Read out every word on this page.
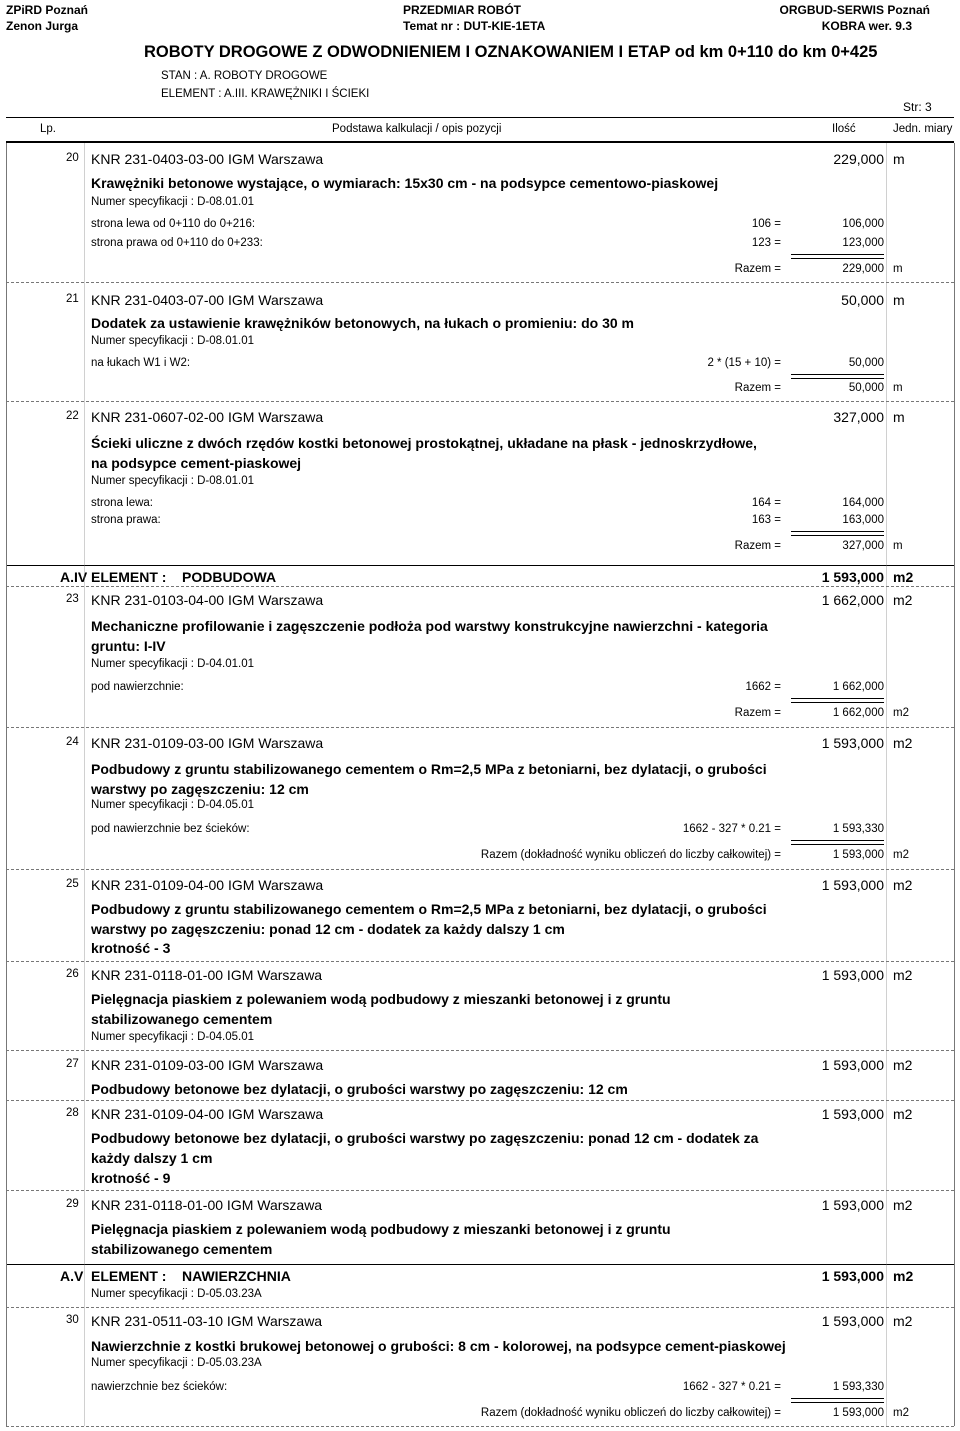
ZPiRD Poznań
Zenon Jurga
PRZEDMIAR ROBÓT
Temat nr : DUT-KIE-1ETA
ORGBUD-SERWIS Poznań
KOBRA wer. 9.3
ROBOTY DROGOWE Z ODWODNIENIEM I OZNAKOWANIEM I ETAP od km 0+110 do km 0+425
STAN : A. ROBOTY DROGOWE
ELEMENT : A.III. KRAWĘŻNIKI I ŚCIEKI
Str: 3
Lp.	Podstawa kalkulacji / opis pozycji	Ilość	Jedn. miary
20 KNR 231-0403-03-00 IGM Warszawa	229,000 m
Krawężniki betonowe wystające, o wymiarach: 15x30 cm - na podsypce cementowo-piaskowej
Numer specyfikacji : D-08.01.01
strona lewa od 0+110 do 0+216:	106 =	106,000
strona prawa od 0+110 do 0+233:	123 =	123,000
Razem =	229,000 m
21 KNR 231-0403-07-00 IGM Warszawa	50,000 m
Dodatek za ustawienie krawężników betonowych, na łukach o promieniu: do 30 m
Numer specyfikacji : D-08.01.01
na łukach W1 i W2:	2 * (15 + 10) =	50,000
Razem =	50,000 m
22 KNR 231-0607-02-00 IGM Warszawa	327,000 m
Ścieki uliczne z dwóch rzędów kostki betonowej prostokątnej, układane na płask - jednoskrzydłowe, na podsypce cement-piaskowej
Numer specyfikacji : D-08.01.01
strona lewa:	164 =	164,000
strona prawa:	163 =	163,000
Razem =	327,000 m
A.IV ELEMENT :    PODBUDOWA	1 593,000 m2
23 KNR 231-0103-04-00 IGM Warszawa	1 662,000 m2
Mechaniczne profilowanie i zagęszczenie podłoża pod warstwy konstrukcyjne nawierzchni - kategoria gruntu: I-IV
Numer specyfikacji : D-04.01.01
pod nawierzchnie:	1662 =	1 662,000
Razem =	1 662,000 m2
24 KNR 231-0109-03-00 IGM Warszawa	1 593,000 m2
Podbudowy z gruntu stabilizowanego cementem o Rm=2,5 MPa z betoniarni, bez dylatacji, o grubości warstwy po zagęszczeniu: 12 cm
Numer specyfikacji : D-04.05.01
pod nawierzchnie bez ścieków:	1662 - 327 * 0.21 =	1 593,330
Razem (dokładność wyniku obliczeń do liczby całkowitej) =	1 593,000 m2
25 KNR 231-0109-04-00 IGM Warszawa	1 593,000 m2
Podbudowy z gruntu stabilizowanego cementem o Rm=2,5 MPa z betoniarni, bez dylatacji, o grubości warstwy po zagęszczeniu: ponad 12 cm - dodatek za każdy dalszy 1 cm
krotność - 3
26 KNR 231-0118-01-00 IGM Warszawa	1 593,000 m2
Pielęgnacja piaskiem z polewaniem wodą podbudowy z mieszanki betonowej i z gruntu stabilizowanego cementem
Numer specyfikacji : D-04.05.01
27 KNR 231-0109-03-00 IGM Warszawa	1 593,000 m2
Podbudowy betonowe bez dylatacji, o grubości warstwy po zagęszczeniu: 12 cm
28 KNR 231-0109-04-00 IGM Warszawa	1 593,000 m2
Podbudowy betonowe bez dylatacji, o grubości warstwy po zagęszczeniu: ponad 12 cm - dodatek za każdy dalszy 1 cm
krotność - 9
29 KNR 231-0118-01-00 IGM Warszawa	1 593,000 m2
Pielęgnacja piaskiem z polewaniem wodą podbudowy z mieszanki betonowej i z gruntu stabilizowanego cementem
A.V ELEMENT :    NAWIERZCHNIA	1 593,000 m2
Numer specyfikacji : D-05.03.23A
30 KNR 231-0511-03-10 IGM Warszawa	1 593,000 m2
Nawierzchnie z kostki brukowej betonowej o grubości: 8 cm - kolorowej, na podsypce cement-piaskowej
Numer specyfikacji : D-05.03.23A
nawierzchnie bez ścieków:	1662 - 327 * 0.21 =	1 593,330
Razem (dokładność wyniku obliczeń do liczby całkowitej) =	1 593,000 m2
